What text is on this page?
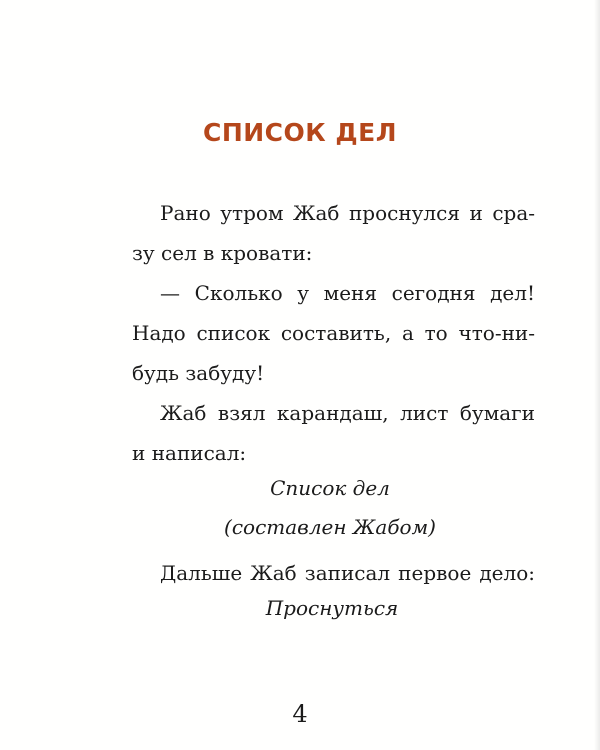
СПИСОК ДЕЛ
Рано утром Жаб проснулся и сра-
зу сел в кровати:
— Сколько у меня сегодня дел!
Надо список составить, а то что-ни-
будь забуду!
Жаб взял карандаш, лист бумаги
и написал:
Список дел
(составлен Жабом)
Дальше Жаб записал первое дело:
Проснуться
4
